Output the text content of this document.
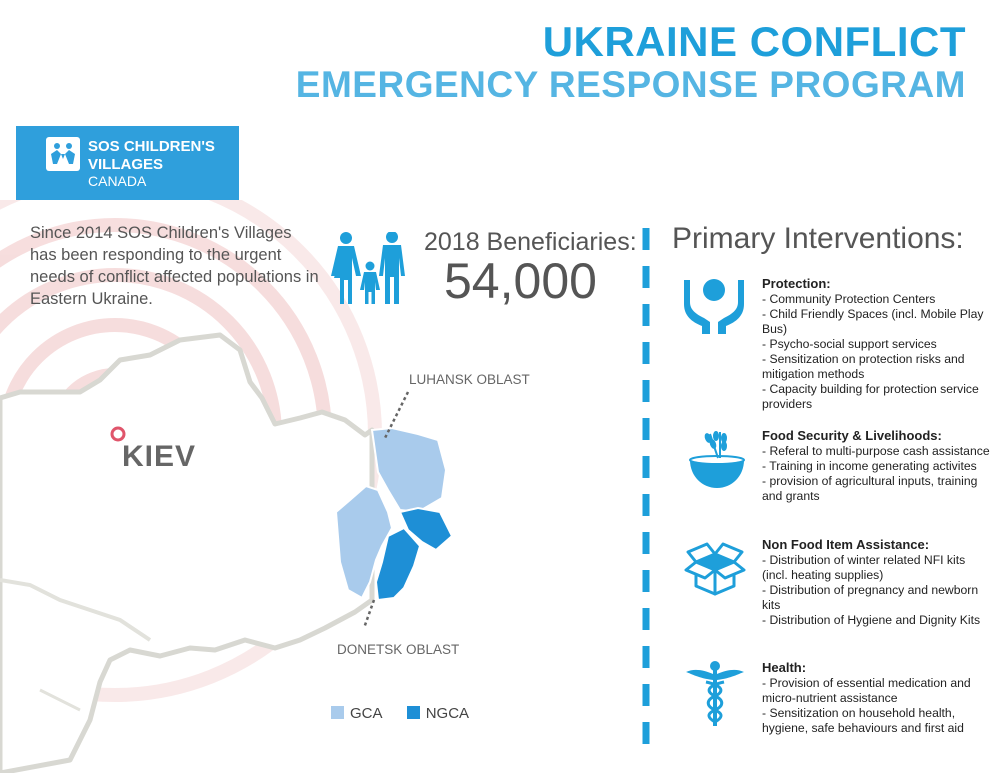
UKRAINE CONFLICT
EMERGENCY RESPONSE PROGRAM
SOS CHILDREN'S
VILLAGES
CANADA
Since 2014 SOS Children's Villages has been responding to the urgent needs of conflict affected populations in Eastern Ukraine.
2018 Beneficiaries:
54,000
KIEV
LUHANSK OBLAST
DONETSK OBLAST
GCA	NGCA
Primary Interventions:
Protection:
- Community Protection Centers
- Child Friendly Spaces (incl. Mobile Play Bus)
- Psycho-social support services
- Sensitization on protection risks and mitigation methods
- Capacity building for protection service providers
Food Security & Livelihoods:
- Referal to multi-purpose cash assistance
- Training in income generating activites
- provision of agricultural inputs, training and grants
Non Food Item Assistance:
- Distribution of winter related NFI kits (incl. heating supplies)
- Distribution of pregnancy and newborn kits
- Distribution of Hygiene and Dignity Kits
Health:
- Provision of essential medication and micro-nutrient assistance
- Sensitization on household health, hygiene, safe behaviours and first aid
